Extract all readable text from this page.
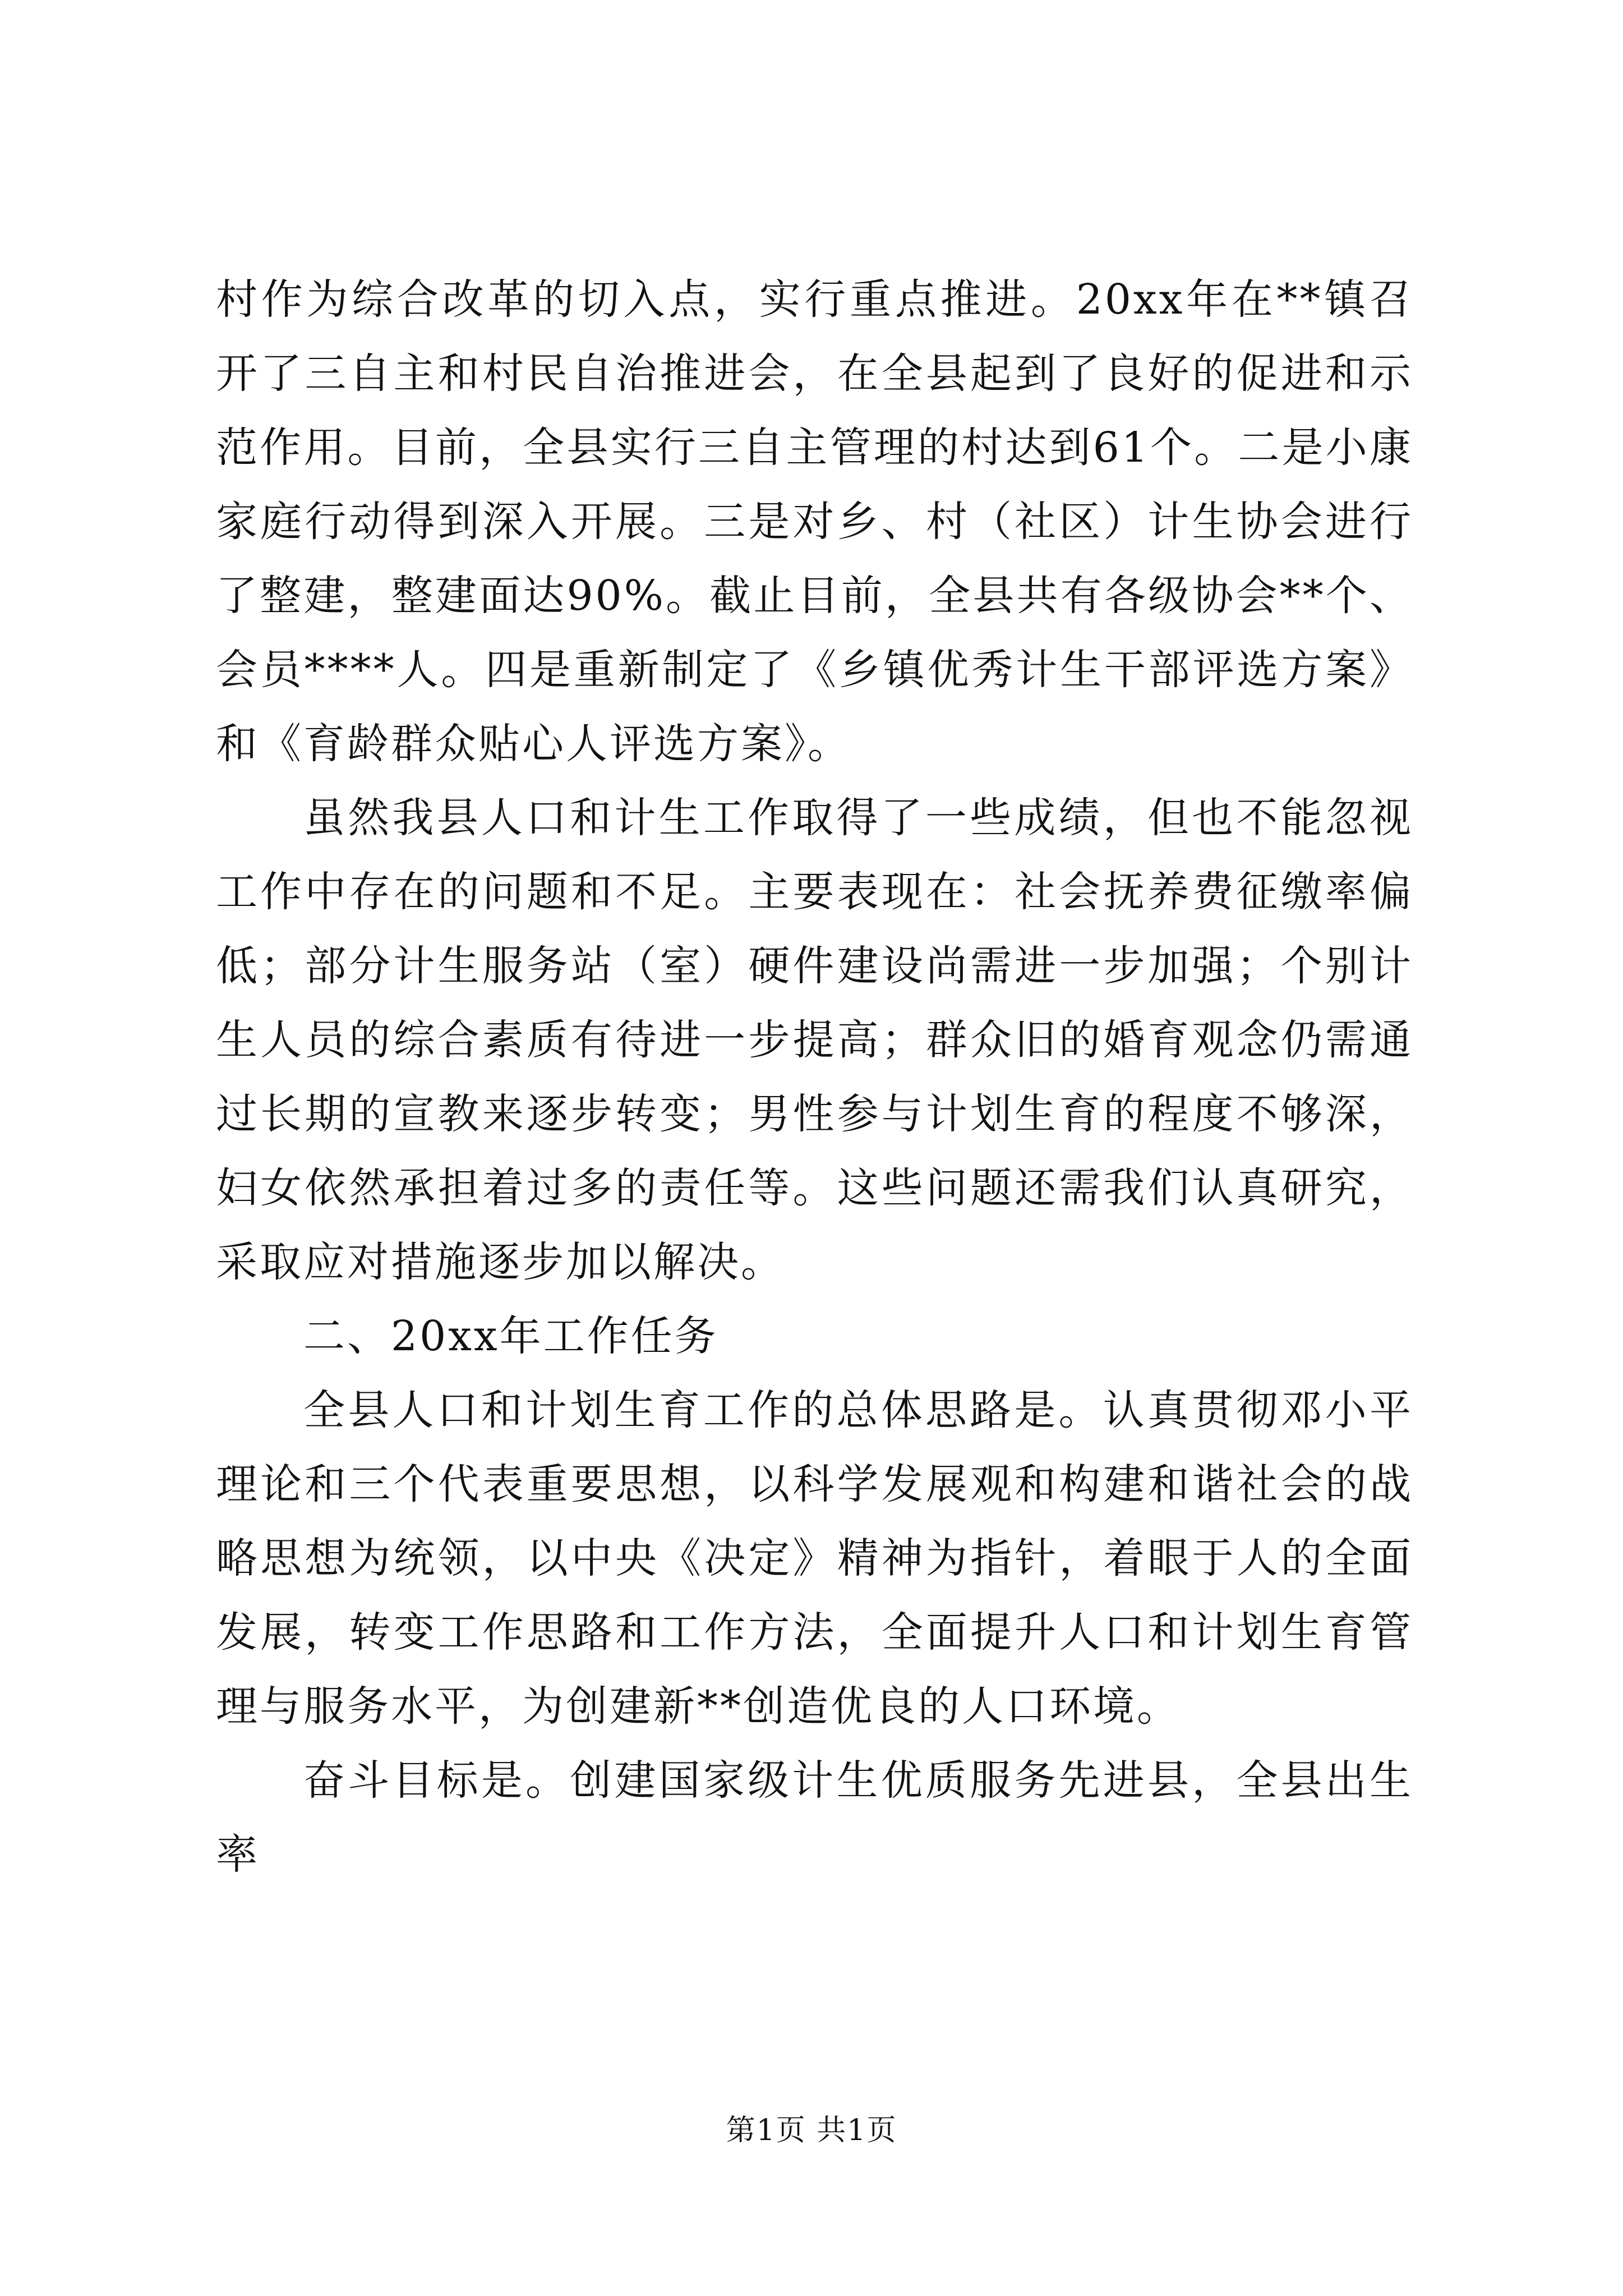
村作为综合改革的切入点，实行重点推进。20xx年在**镇召开了三自主和村民自治推进会，在全县起到了良好的促进和示范作用。目前，全县实行三自主管理的村达到61个。二是小康家庭行动得到深入开展。三是对乡、村（社区）计生协会进行了整建，整建面达90%。截止目前，全县共有各级协会**个、会员****人。四是重新制定了《乡镇优秀计生干部评选方案》和《育龄群众贴心人评选方案》。

虽然我县人口和计生工作取得了一些成绩，但也不能忽视工作中存在的问题和不足。主要表现在：社会抚养费征缴率偏低；部分计生服务站（室）硬件建设尚需进一步加强；个别计生人员的综合素质有待进一步提高；群众旧的婚育观念仍需通过长期的宣教来逐步转变；男性参与计划生育的程度不够深，妇女依然承担着过多的责任等。这些问题还需我们认真研究，采取应对措施逐步加以解决。

二、20xx年工作任务

全县人口和计划生育工作的总体思路是。认真贯彻邓小平理论和三个代表重要思想，以科学发展观和构建和谐社会的战略思想为统领，以中央《决定》精神为指针，着眼于人的全面发展，转变工作思路和工作方法，全面提升人口和计划生育管理与服务水平，为创建新**创造优良的人口环境。

奋斗目标是。创建国家级计生优质服务先进县，全县出生率

第1页 共1页
